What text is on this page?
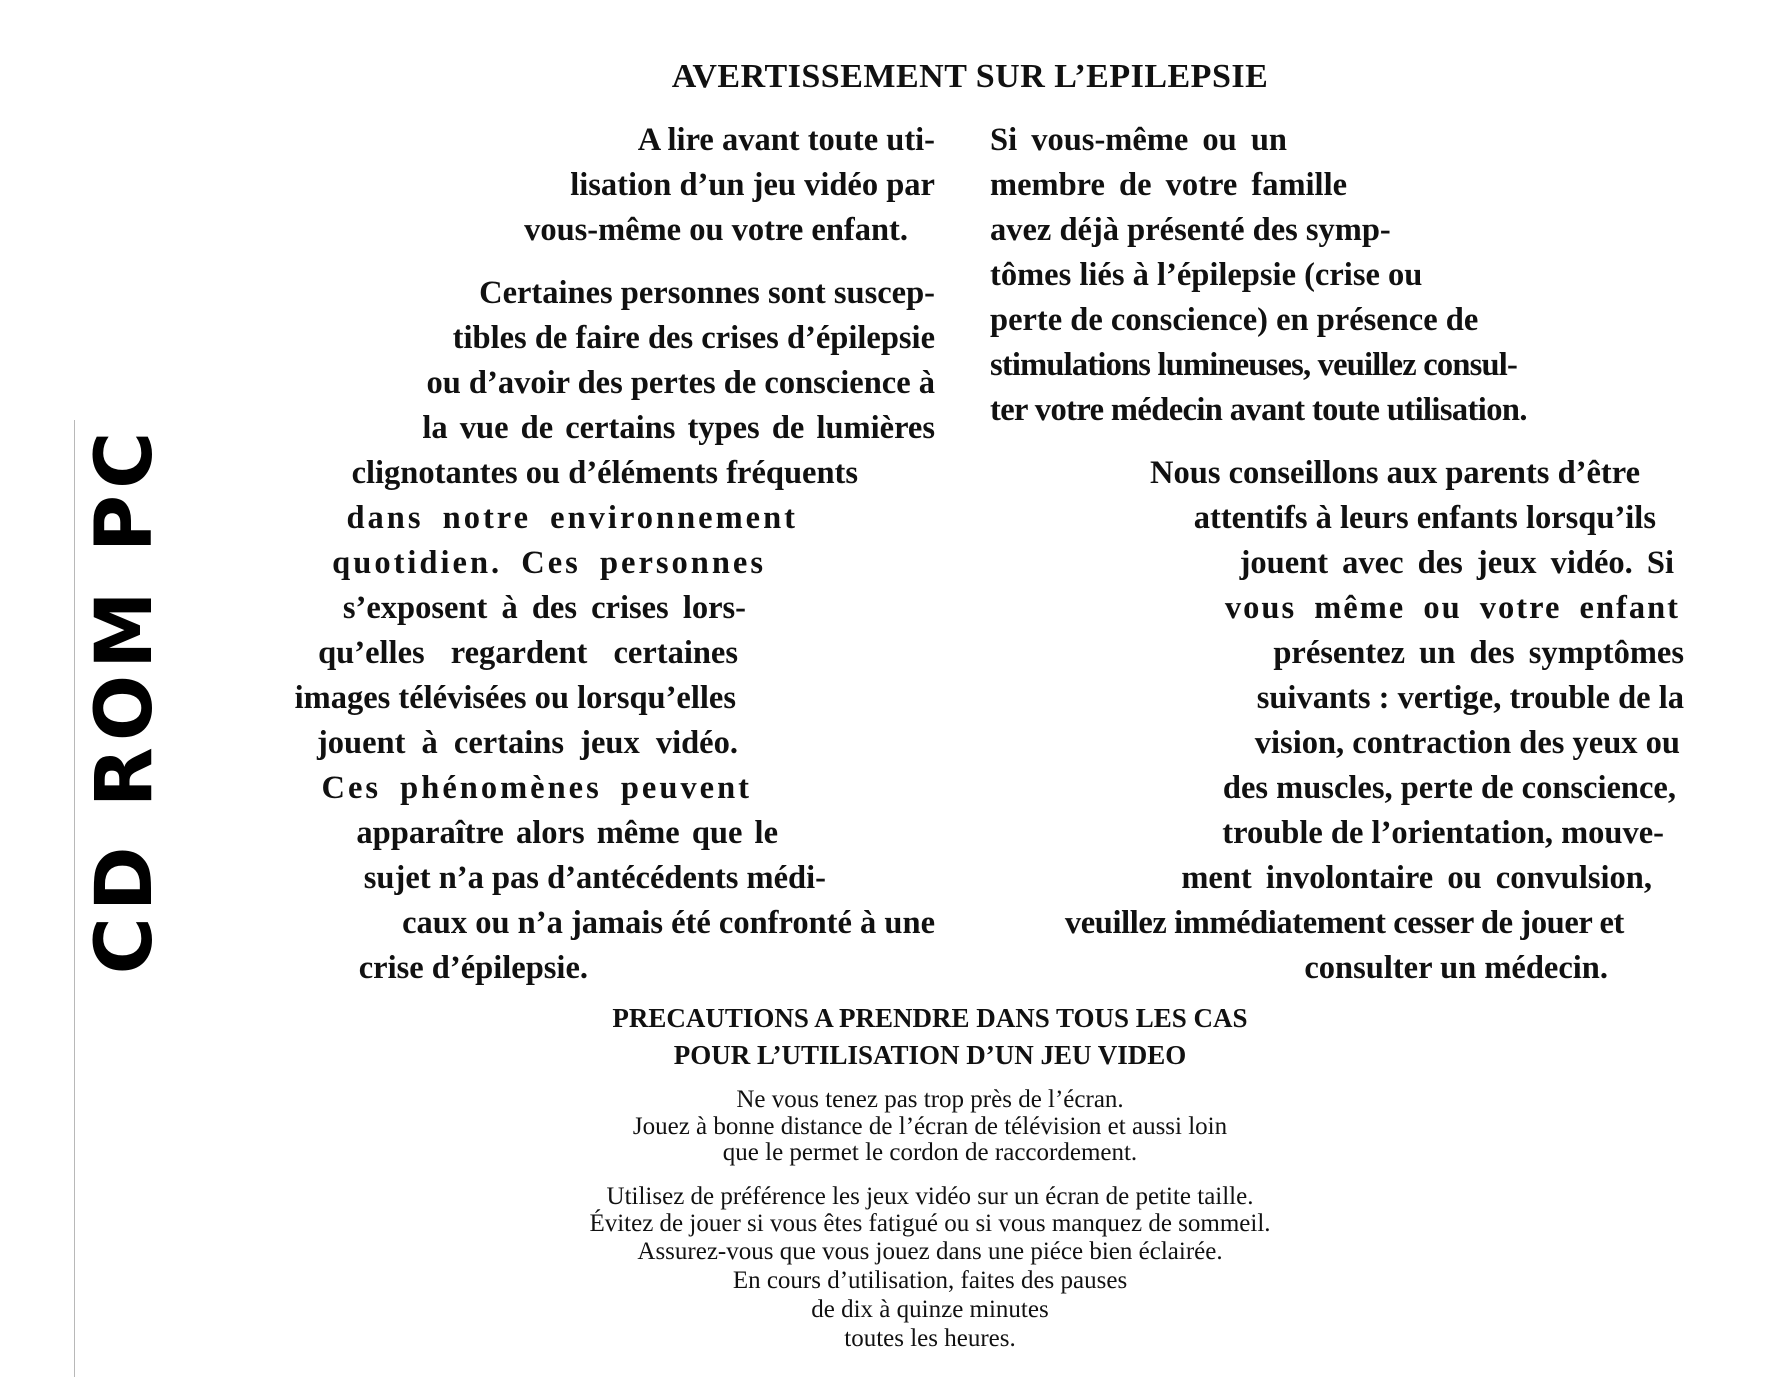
CD ROM PC
AVERTISSEMENT SUR L’EPILEPSIE
A lire avant toute uti-
lisation d’un jeu vidéo par
vous-même ou votre enfant.
Certaines personnes sont suscep-
tibles de faire des crises d’épilepsie
ou d’avoir des pertes de conscience à
la vue de certains types de lumières
clignotantes ou d’éléments fréquents
dans notre environnement
quotidien. Ces personnes
s’exposent à des crises lors-
qu’elles regardent certaines
images télévisées ou lorsqu’elles
jouent à certains jeux vidéo.
Ces phénomènes peuvent
apparaître alors même que le
sujet n’a pas d’antécédents médi-
caux ou n’a jamais été confronté à une
crise d’épilepsie.
Si vous-même ou un
membre de votre famille
avez déjà présenté des symp-
tômes liés à l’épilepsie (crise ou
perte de conscience) en présence de
stimulations lumineuses, veuillez consul-
ter votre médecin avant toute utilisation.
Nous conseillons aux parents d’être
attentifs à leurs enfants lorsqu’ils
jouent avec des jeux vidéo. Si
vous même ou votre enfant
présentez un des symptômes
suivants : vertige, trouble de la
vision, contraction des yeux ou
des muscles, perte de conscience,
trouble de l’orientation, mouve-
ment involontaire ou convulsion,
veuillez immédiatement cesser de jouer et
consulter un médecin.
PRECAUTIONS A PRENDRE DANS TOUS LES CAS
POUR L’UTILISATION D’UN JEU VIDEO
Ne vous tenez pas trop près de l’écran.
Jouez à bonne distance de l’écran de télévision et aussi loin
que le permet le cordon de raccordement.
Utilisez de préférence les jeux vidéo sur un écran de petite taille.
Évitez de jouer si vous êtes fatigué ou si vous manquez de sommeil.
Assurez-vous que vous jouez dans une piéce bien éclairée.
En cours d’utilisation, faites des pauses
de dix à quinze minutes
toutes les heures.
